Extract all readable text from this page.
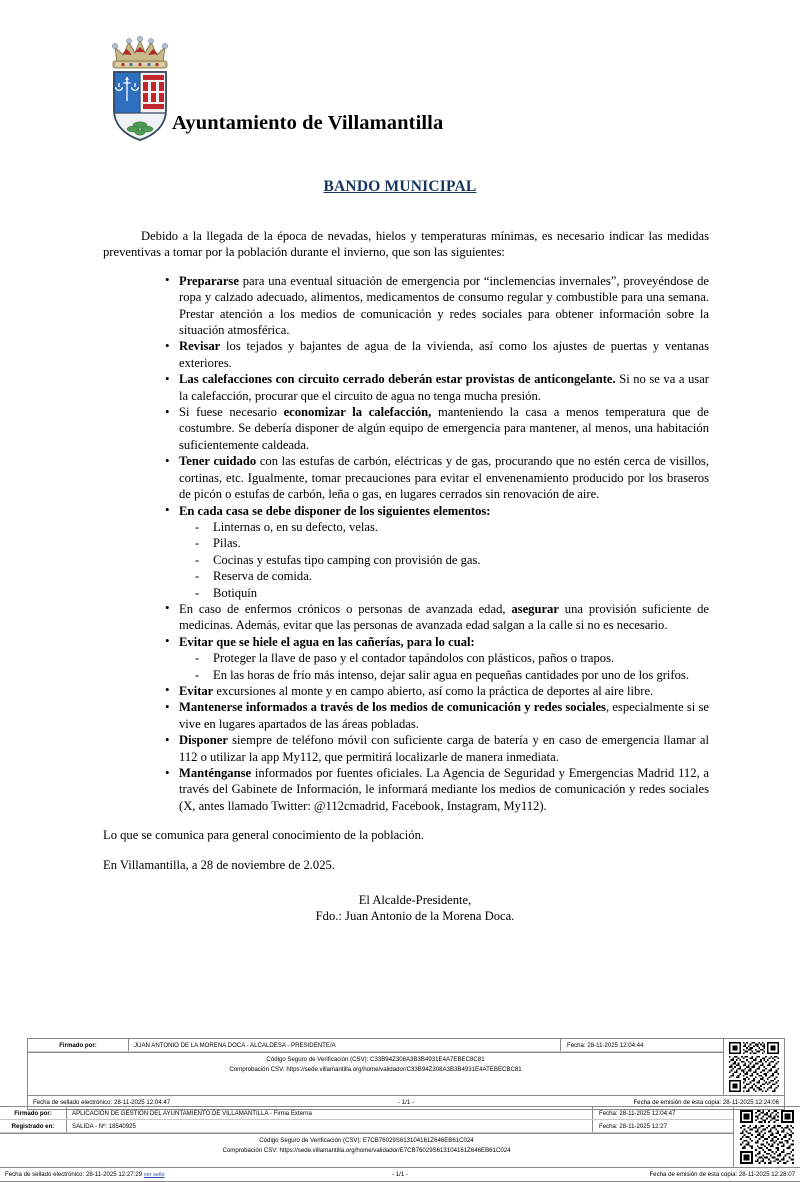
Ayuntamiento de Villamantilla
BANDO MUNICIPAL

Debido a la llegada de la época de nevadas, hielos y temperaturas mínimas, es necesario indicar las medidas preventivas a tomar por la población durante el invierno, que son las siguientes:

• Prepararse para una eventual situación de emergencia por “inclemencias invernales”, proveyéndose de ropa y calzado adecuado, alimentos, medicamentos de consumo regular y combustible para una semana. Prestar atención a los medios de comunicación y redes sociales para obtener información sobre la situación atmosférica.
• Revisar los tejados y bajantes de agua de la vivienda, así como los ajustes de puertas y ventanas exteriores.
• Las calefacciones con circuito cerrado deberán estar provistas de anticongelante. Si no se va a usar la calefacción, procurar que el circuito de agua no tenga mucha presión.
• Si fuese necesario economizar la calefacción, manteniendo la casa a menos temperatura que de costumbre. Se debería disponer de algún equipo de emergencia para mantener, al menos, una habitación suficientemente caldeada.
• Tener cuidado con las estufas de carbón, eléctricas y de gas, procurando que no estén cerca de visillos, cortinas, etc. Igualmente, tomar precauciones para evitar el envenenamiento producido por los braseros de picón o estufas de carbón, leña o gas, en lugares cerrados sin renovación de aire.
• En cada casa se debe disponer de los siguientes elementos:
- Linternas o, en su defecto, velas.
- Pilas.
- Cocinas y estufas tipo camping con provisión de gas.
- Reserva de comida.
- Botiquín
• En caso de enfermos crónicos o personas de avanzada edad, asegurar una provisión suficiente de medicinas. Además, evitar que las personas de avanzada edad salgan a la calle si no es necesario.
• Evitar que se hiele el agua en las cañerías, para lo cual:
- Proteger la llave de paso y el contador tapándolos con plásticos, paños o trapos.
- En las horas de frío más intenso, dejar salir agua en pequeñas cantidades por uno de los grifos.
• Evitar excursiones al monte y en campo abierto, así como la práctica de deportes al aire libre.
• Mantenerse informados a través de los medios de comunicación y redes sociales, especialmente si se vive en lugares apartados de las áreas pobladas.
• Disponer siempre de teléfono móvil con suficiente carga de batería y en caso de emergencia llamar al 112 o utilizar la app My112, que permitirá localizarle de manera inmediata.
• Manténganse informados por fuentes oficiales. La Agencia de Seguridad y Emergencias Madrid 112, a través del Gabinete de Información, le informará mediante los medios de comunicación y redes sociales (X, antes llamado Twitter: @112cmadrid, Facebook, Instagram, My112).

Lo que se comunica para general conocimiento de la población.

En Villamantilla, a 28 de noviembre de 2.025.

El Alcalde-Presidente,
Fdo.: Juan Antonio de la Morena Doca.
Firmado por:	JUAN ANTONIO DE LA MORENA DOCA - ALCALDESA - PRESIDENTE/A	Fecha: 28-11-2025 12:04:44
Código Seguro de Verificación (CSV): C33B94Z308A3B3B4931E4A7EBEC8C81
Comprobación CSV: https://sede.villamantilla.org/home/validador/C33B94Z308A3B3B4931E4ATEBECBC81
Fecha de sellado electrónico: 28-11-2025 12:04:47	- 1/1 -	Fecha de emisión de esta copia: 28-11-2025 12:24:06
Firmado por:	APLICACIÓN DE GESTIÓN DEL AYUNTAMIENTO DE VILLAMANTILLA - Firma Externa	Fecha: 28-11-2025 12:04:47
Registrado en:	SALIDA - Nº: 18540925	Fecha: 28-11-2025 12:27
Código Seguro de Verificación (CSV): E7CB76029S613104161Z646EB61C024
Comprobación CSV: https://sede.villamantilla.org/home/validador/E7CB76029S613104161Z646EB61C024
Fecha de sellado electrónico: 28-11-2025 12:27:29 ver sello	- 1/1 -	Fecha de emisión de esta copia: 28-11-2025 12:28:07
